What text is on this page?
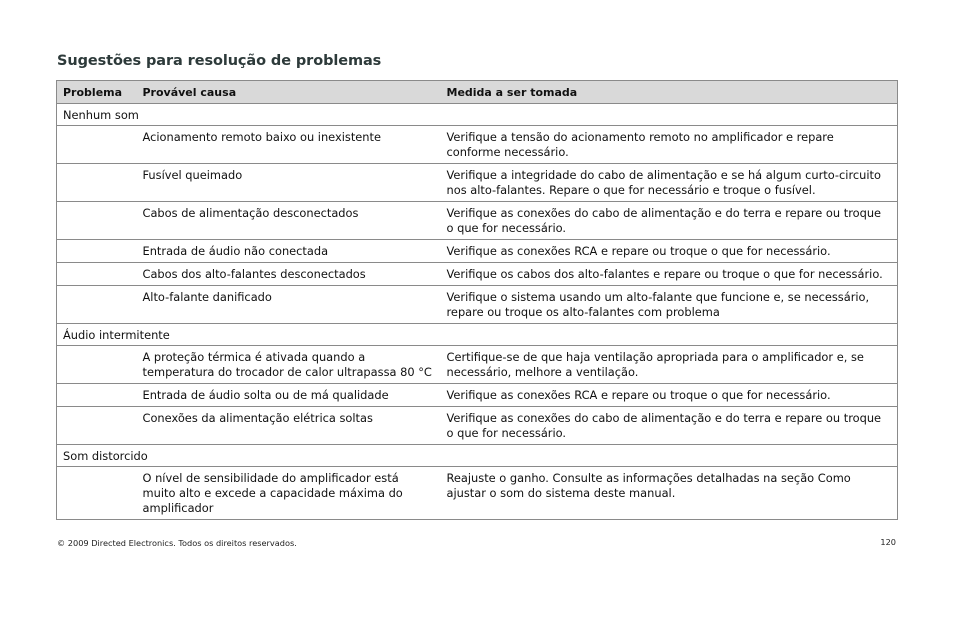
Sugestões para resolução de problemas
Problema	Provável causa	Medida a ser tomada
Nenhum som		
	Acionamento remoto baixo ou inexistente	Verifique a tensão do acionamento remoto no amplificador e repare conforme necessário.
	Fusível queimado	Verifique a integridade do cabo de alimentação e se há algum curto-circuito nos alto-falantes. Repare o que for necessário e troque o fusível.
	Cabos de alimentação desconectados	Verifique as conexões do cabo de alimentação e do terra e repare ou troque o que for necessário.
	Entrada de áudio não conectada	Verifique as conexões RCA e repare ou troque o que for necessário.
	Cabos dos alto-falantes desconectados	Verifique os cabos dos alto-falantes e repare ou troque o que for necessário.
	Alto-falante danificado	Verifique o sistema usando um alto-falante que funcione e, se necessário, repare ou troque os alto-falantes com problema
Áudio intermitente		
	A proteção térmica é ativada quando a temperatura do trocador de calor ultrapassa 80 °C	Certifique-se de que haja ventilação apropriada para o amplificador e, se necessário, melhore a ventilação.
	Entrada de áudio solta ou de má qualidade	Verifique as conexões RCA e repare ou troque o que for necessário.
	Conexões da alimentação elétrica soltas	Verifique as conexões do cabo de alimentação e do terra e repare ou troque o que for necessário.
Som distorcido		
	O nível de sensibilidade do amplificador está muito alto e excede a capacidade máxima do amplificador	Reajuste o ganho. Consulte as informações detalhadas na seção Como ajustar o som do sistema deste manual.
© 2009 Directed Electronics. Todos os direitos reservados.	120
